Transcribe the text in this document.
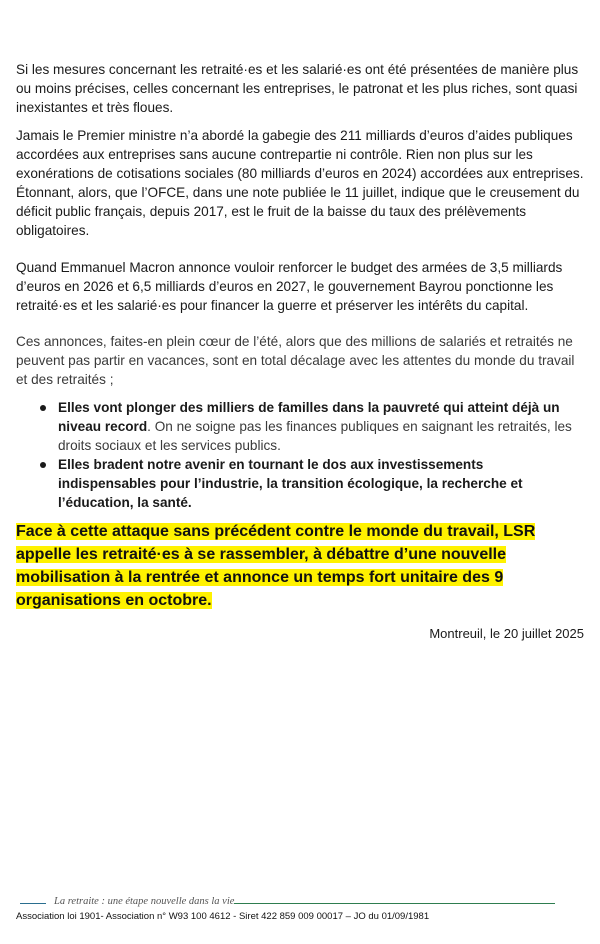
Si les mesures concernant les retraité·es et les salarié·es ont été présentées de manière plus ou moins précises, celles concernant les entreprises, le patronat et les plus riches, sont quasi inexistantes et très floues.

Jamais le Premier ministre n’a abordé la gabegie des 211 milliards d’euros d’aides publiques accordées aux entreprises sans aucune contrepartie ni contrôle. Rien non plus sur les exonérations de cotisations sociales (80 milliards d’euros en 2024) accordées aux entreprises. Étonnant, alors, que l’OFCE, dans une note publiée le 11 juillet, indique que le creusement du déficit public français, depuis 2017, est le fruit de la baisse du taux des prélèvements obligatoires.

Quand Emmanuel Macron annonce vouloir renforcer le budget des armées de 3,5 milliards d’euros en 2026 et 6,5 milliards d’euros en 2027, le gouvernement Bayrou ponctionne les retraité·es et les salarié·es pour financer la guerre et préserver les intérêts du capital.

Ces annonces, faites-en plein cœur de l’été, alors que des millions de salariés et retraités ne peuvent pas partir en vacances, sont en total décalage avec les attentes du monde du travail et des retraités ;

Elles vont plonger des milliers de familles dans la pauvreté qui atteint déjà un niveau record. On ne soigne pas les finances publiques en saignant les retraités, les droits sociaux et les services publics.
Elles bradent notre avenir en tournant le dos aux investissements indispensables pour l’industrie, la transition écologique, la recherche et l’éducation, la santé.

Face à cette attaque sans précédent contre le monde du travail, LSR appelle les retraité·es à se rassembler, à débattre d’une nouvelle mobilisation à la rentrée et annonce un temps fort unitaire des 9 organisations en octobre.

Montreuil, le 20 juillet 2025

La retraite : une étape nouvelle dans la vie
Association loi 1901- Association n° W93 100 4612 - Siret 422 859 009 00017 – JO du 01/09/1981
